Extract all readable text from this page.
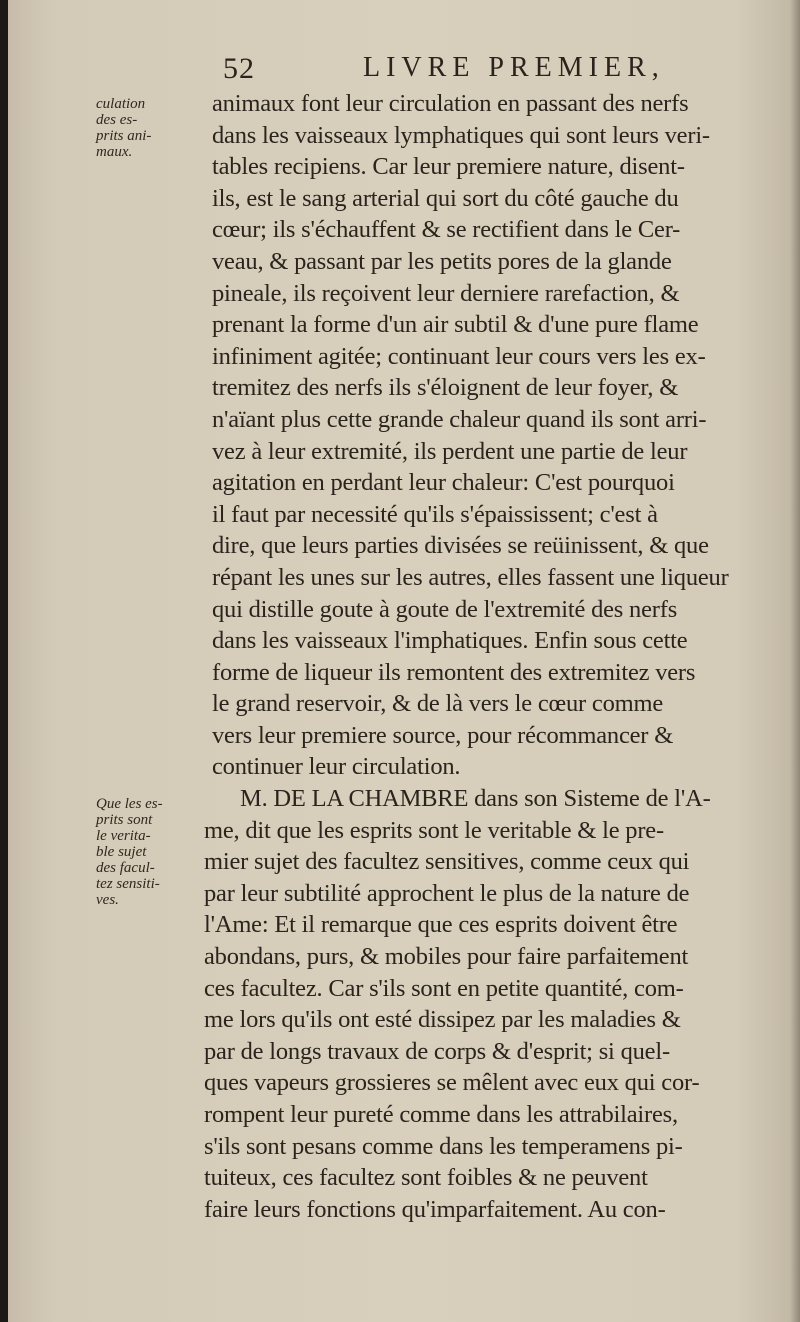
52	LIVRE PREMIER,
culation
des es-
prits ani-
maux.
Que les es-
prits sont
le verita-
ble sujet
des facul-
tez sensiti-
ves.
animaux font leur circulation en passant des nerfs
dans les vaisseaux lymphatiques qui sont leurs veri-
tables recipiens. Car leur premiere nature, disent-
ils, est le sang arterial qui sort du côté gauche du
cœur; ils s'échauffent & se rectifient dans le Cer-
veau, & passant par les petits pores de la glande
pineale, ils reçoivent leur derniere rarefaction, &
prenant la forme d'un air subtil & d'une pure flame
infiniment agitée; continuant leur cours vers les ex-
tremitez des nerfs ils s'éloignent de leur foyer, &
n'aïant plus cette grande chaleur quand ils sont arri-
vez à leur extremité, ils perdent une partie de leur
agitation en perdant leur chaleur: C'est pourquoi
il faut par necessité qu'ils s'épaississent; c'est à
dire, que leurs parties divisées se reüinissent, & que
répant les unes sur les autres, elles fassent une liqueur
qui distille goute à goute de l'extremité des nerfs
dans les vaisseaux l'imphatiques. Enfin sous cette
forme de liqueur ils remontent des extremitez vers
le grand reservoir, & de là vers le cœur comme
vers leur premiere source, pour récommancer &
continuer leur circulation.
M. DE LA CHAMBRE dans son Sisteme de l'A-
me, dit que les esprits sont le veritable & le pre-
mier sujet des facultez sensitives, comme ceux qui
par leur subtilité approchent le plus de la nature de
l'Ame: Et il remarque que ces esprits doivent être
abondans, purs, & mobiles pour faire parfaitement
ces facultez. Car s'ils sont en petite quantité, com-
me lors qu'ils ont esté dissipez par les maladies &
par de longs travaux de corps & d'esprit; si quel-
ques vapeurs grossieres se mêlent avec eux qui cor-
rompent leur pureté comme dans les attrabilaires,
s'ils sont pesans comme dans les temperamens pi-
tuiteux, ces facultez sont foibles & ne peuvent
faire leurs fonctions qu'imparfaitement. Au con-
